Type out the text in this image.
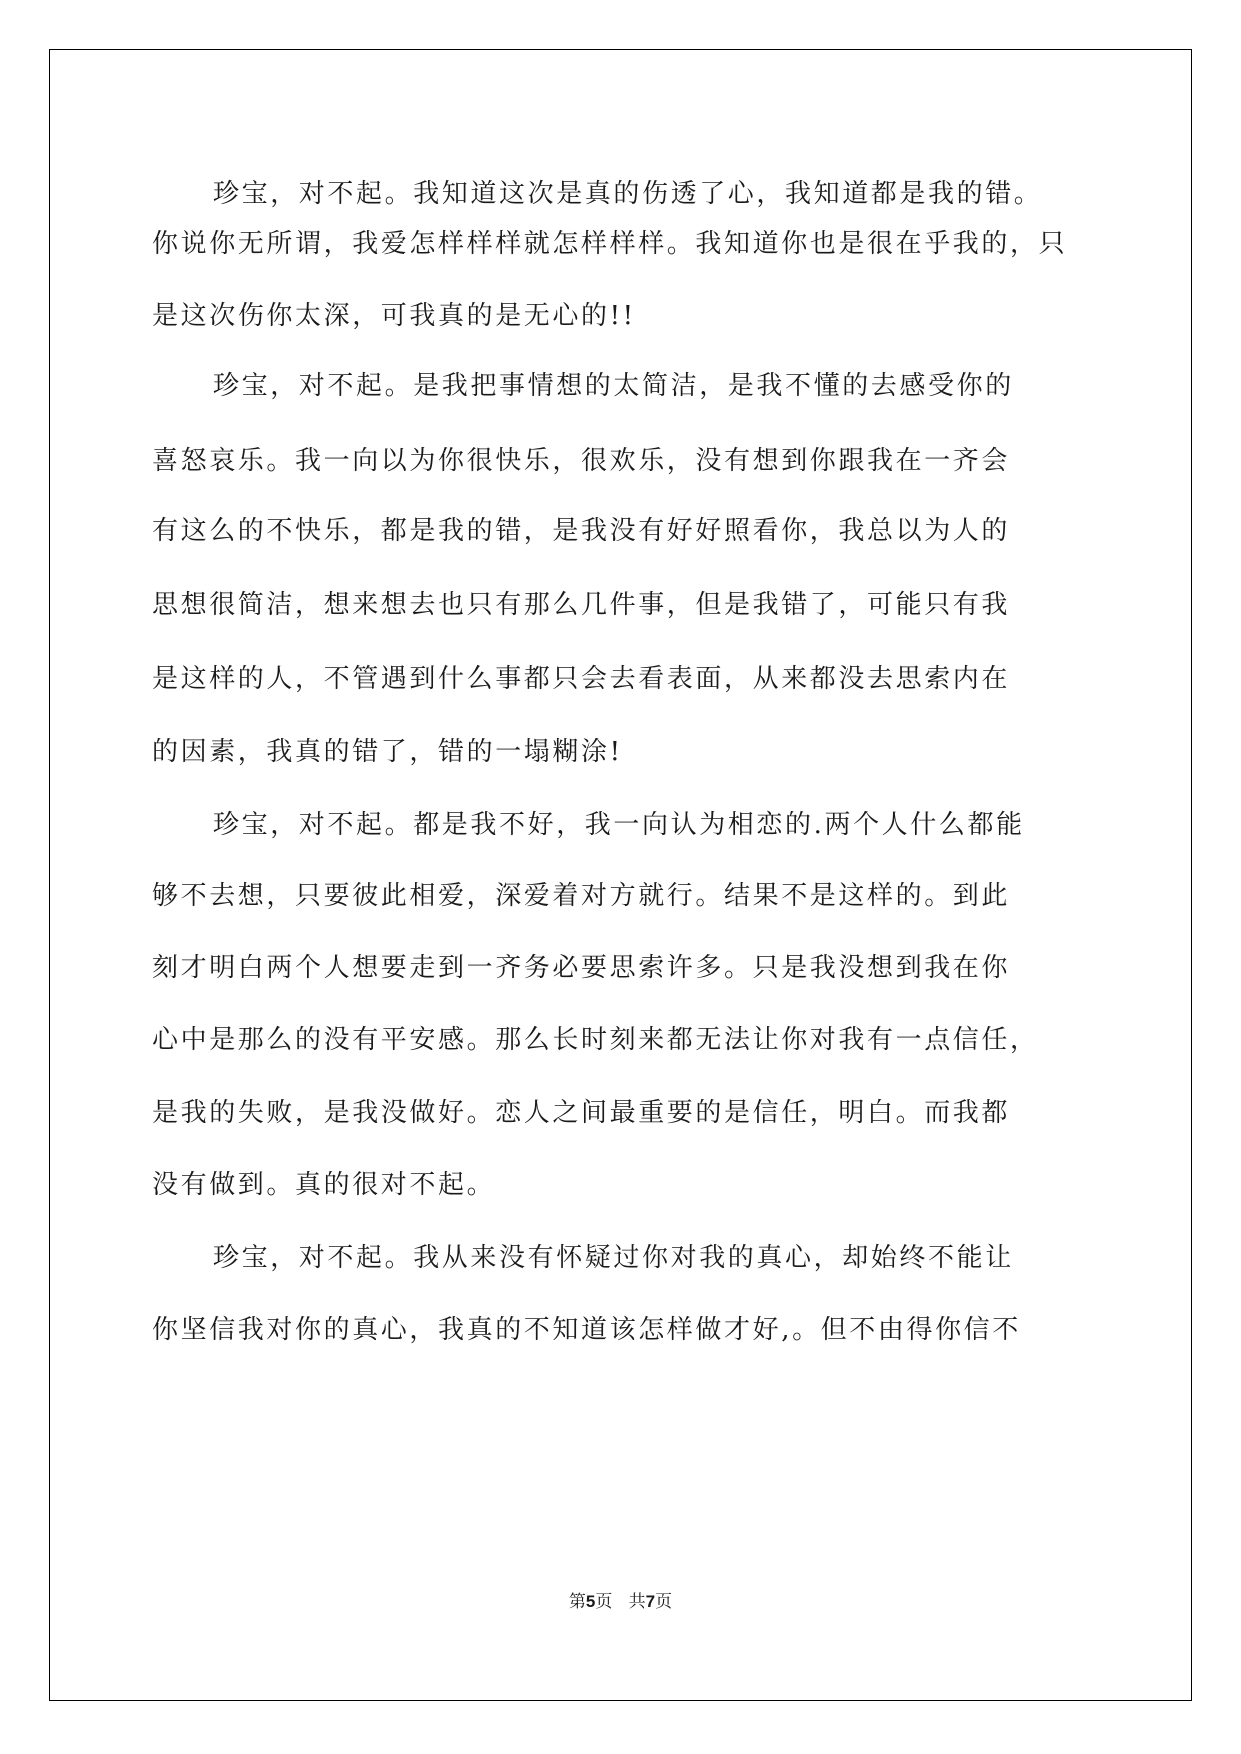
珍宝，对不起。我知道这次是真的伤透了心，我知道都是我的错。
你说你无所谓，我爱怎样样样就怎样样样。我知道你也是很在乎我的，只
是这次伤你太深，可我真的是无心的!!
珍宝，对不起。是我把事情想的太简洁，是我不懂的去感受你的
喜怒哀乐。我一向以为你很快乐，很欢乐，没有想到你跟我在一齐会
有这么的不快乐，都是我的错，是我没有好好照看你，我总以为人的
思想很简洁，想来想去也只有那么几件事，但是我错了，可能只有我
是这样的人，不管遇到什么事都只会去看表面，从来都没去思索内在
的因素，我真的错了，错的一塌糊涂!
珍宝，对不起。都是我不好，我一向认为相恋的.两个人什么都能
够不去想，只要彼此相爱，深爱着对方就行。结果不是这样的。到此
刻才明白两个人想要走到一齐务必要思索许多。只是我没想到我在你
心中是那么的没有平安感。那么长时刻来都无法让你对我有一点信任，
是我的失败，是我没做好。恋人之间最重要的是信任，明白。而我都
没有做到。真的很对不起。
珍宝，对不起。我从来没有怀疑过你对我的真心，却始终不能让
你坚信我对你的真心，我真的不知道该怎样做才好,。但不由得你信不
第5页   共7页
